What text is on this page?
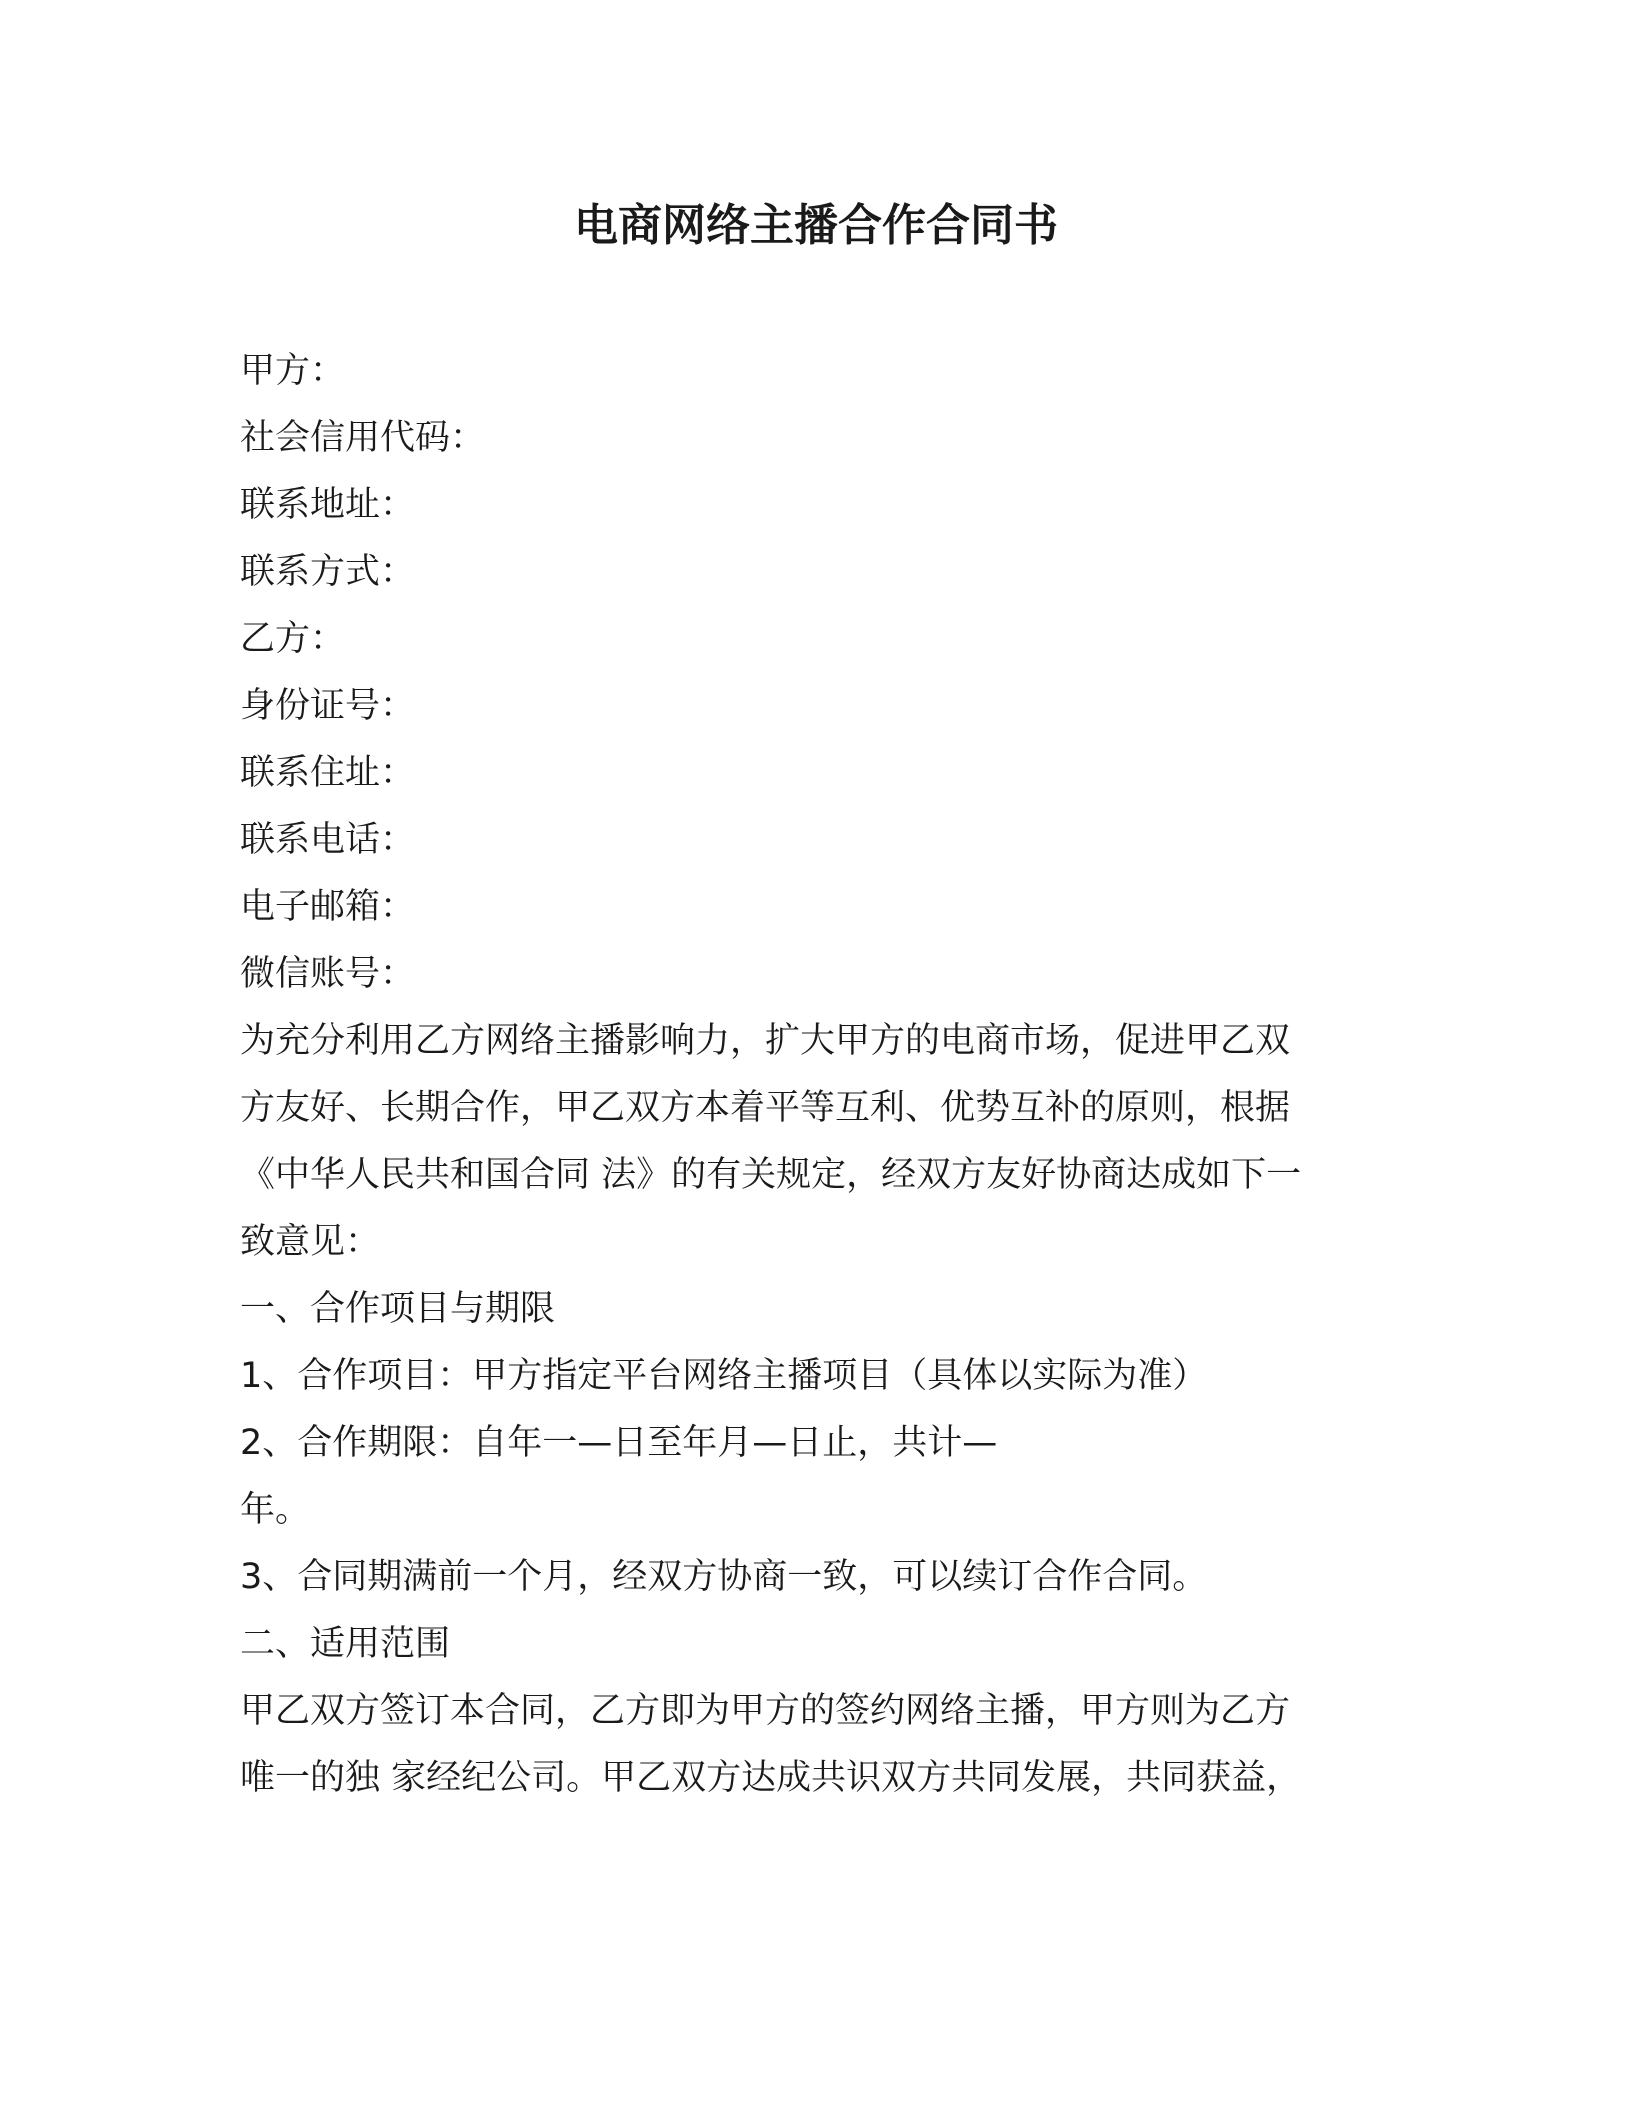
电商网络主播合作合同书
甲方：
社会信用代码：
联系地址：
联系方式：
乙方：
身份证号：
联系住址：
联系电话：
电子邮箱：
微信账号：
为充分利用乙方网络主播影响力，扩大甲方的电商市场，促进甲乙双
方友好、长期合作，甲乙双方本着平等互利、优势互补的原则，根据
《中华人民共和国合同 法》的有关规定，经双方友好协商达成如下一
致意见：
一、合作项目与期限
1、合作项目：甲方指定平台网络主播项目（具体以实际为准）
2、合作期限：自年一—日至年月—日止，共计—
年。
3、合同期满前一个月，经双方协商一致，可以续订合作合同。
二、适用范围
甲乙双方签订本合同，乙方即为甲方的签约网络主播，甲方则为乙方
唯一的独 家经纪公司。甲乙双方达成共识双方共同发展，共同获益，
